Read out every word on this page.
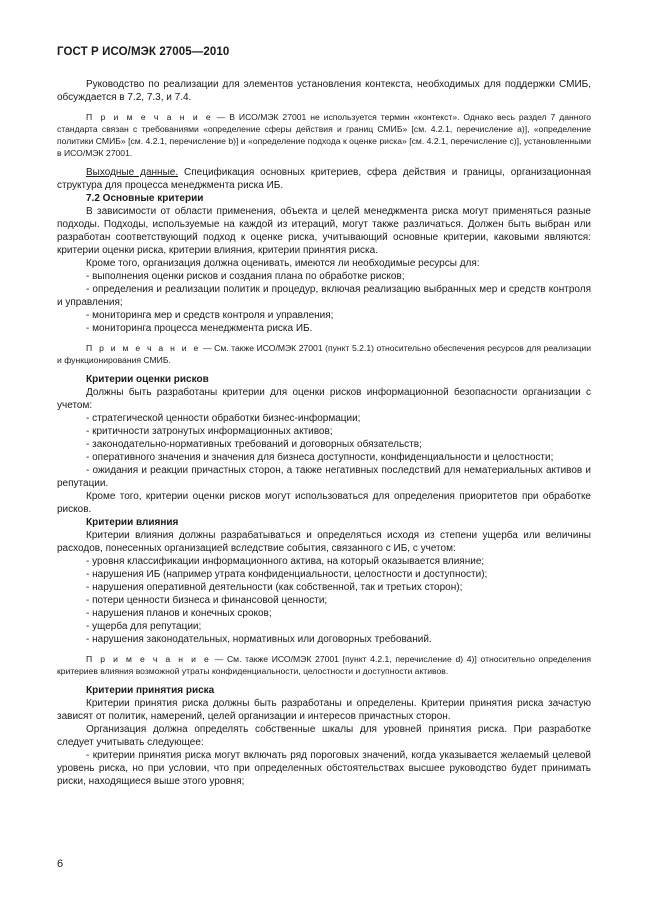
ГОСТ Р ИСО/МЭК 27005—2010

Руководство по реализации для элементов установления контекста, необходимых для поддержки СМИБ, обсуждается в 7.2, 7.3, и 7.4.

П р и м е ч а н и е — В ИСО/МЭК 27001 не используется термин «контекст». Однако весь раздел 7 данного стандарта связан с требованиями «определение сферы действия и границ СМИБ» [см. 4.2.1, перечисление а)], «определение политики СМИБ» [см. 4.2.1, перечисление b)] и «определение подхода к оценке риска» [см. 4.2.1, перечисление с)], установленными в ИСО/МЭК 27001.

Выходные данные. Спецификация основных критериев, сфера действия и границы, организационная структура для процесса менеджмента риска ИБ.

7.2 Основные критерии

В зависимости от области применения, объекта и целей менеджмента риска могут применяться разные подходы. Подходы, используемые на каждой из итераций, могут также различаться. Должен быть выбран или разработан соответствующий подход к оценке риска, учитывающий основные критерии, каковыми являются: критерии оценки риска, критерии влияния, критерии принятия риска.

Кроме того, организация должна оценивать, имеются ли необходимые ресурсы для:

- выполнения оценки рисков и создания плана по обработке рисков;

- определения и реализации политик и процедур, включая реализацию выбранных мер и средств контроля и управления;

- мониторинга мер и средств контроля и управления;

- мониторинга процесса менеджмента риска ИБ.

П р и м е ч а н и е — См. также ИСО/МЭК 27001 (пункт 5.2.1) относительно обеспечения ресурсов для реализации и функционирования СМИБ.

Критерии оценки рисков

Должны быть разработаны критерии для оценки рисков информационной безопасности организации с учетом:

- стратегической ценности обработки бизнес-информации;

- критичности затронутых информационных активов;

- законодательно-нормативных требований и договорных обязательств;

- оперативного значения и значения для бизнеса доступности, конфиденциальности и целостности;

- ожидания и реакции причастных сторон, а также негативных последствий для нематериальных активов и репутации.

Кроме того, критерии оценки рисков могут использоваться для определения приоритетов при обработке рисков.

Критерии влияния

Критерии влияния должны разрабатываться и определяться исходя из степени ущерба или величины расходов, понесенных организацией вследствие события, связанного с ИБ, с учетом:

- уровня классификации информационного актива, на который оказывается влияние;

- нарушения ИБ (например утрата конфиденциальности, целостности и доступности);

- нарушения оперативной деятельности (как собственной, так и третьих сторон);

- потери ценности бизнеса и финансовой ценности;

- нарушения планов и конечных сроков;

- ущерба для репутации;

- нарушения законодательных, нормативных или договорных требований.

П р и м е ч а н и е — См. также ИСО/МЭК 27001 [пункт 4.2.1, перечисление d) 4)] относительно определения критериев влияния возможной утраты конфиденциальности, целостности и доступности активов.

Критерии принятия риска

Критерии принятия риска должны быть разработаны и определены. Критерии принятия риска зачастую зависят от политик, намерений, целей организации и интересов причастных сторон.

Организация должна определять собственные шкалы для уровней принятия риска. При разработке следует учитывать следующее:

- критерии принятия риска могут включать ряд пороговых значений, когда указывается желаемый целевой уровень риска, но при условии, что при определенных обстоятельствах высшее руководство будет принимать риски, находящиеся выше этого уровня;

6
